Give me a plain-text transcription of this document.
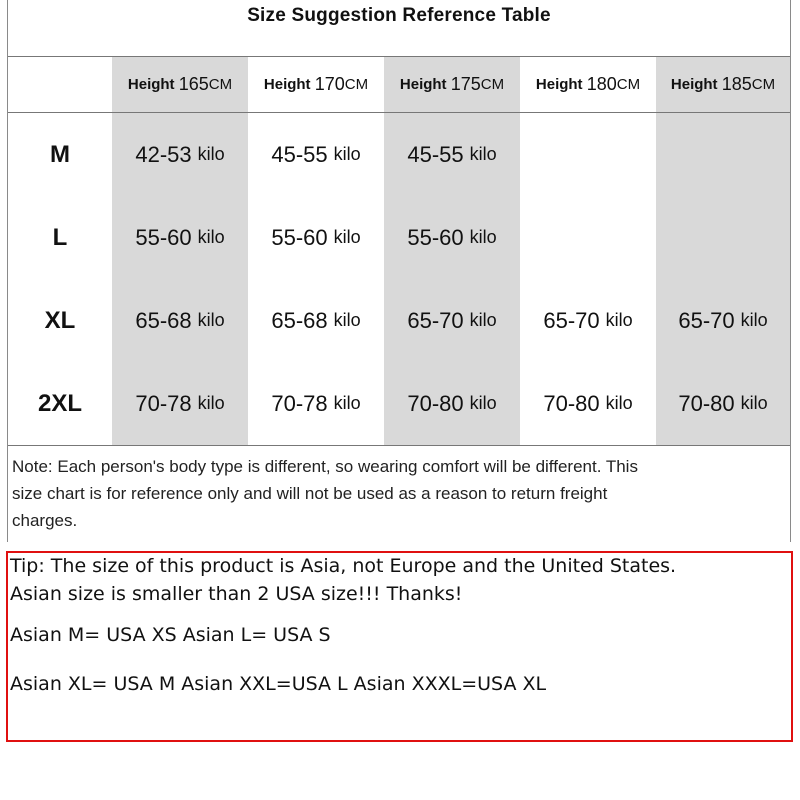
Size Suggestion Reference Table
Height
165 CM Height
170 CM Height
175 CM Height
180 CM Height
185 CM
M
L
XL
2XL
42-53 kilo 45-55 kilo 45-55 kilo
55-60 kilo 55-60 kilo 55-60 kilo
65-68 kilo 65-68 kilo 65-70 kilo 65-70 kilo 65-70 kilo
70-78 kilo 70-78 kilo 70-80 kilo 70-80 kilo 70-80 kilo
Note: Each person's body type is different, so wearing comfort will be different. This
size chart is for reference only and will not be used as a reason to return freight
charges.
Tip: The size of this product is Asia, not Europe and the United States.
Asian size is smaller than 2 USA size!!! Thanks!
Asian M= USA XS Asian L= USA S
Asian XL= USA M Asian XXL=USA L Asian XXXL=USA XL
